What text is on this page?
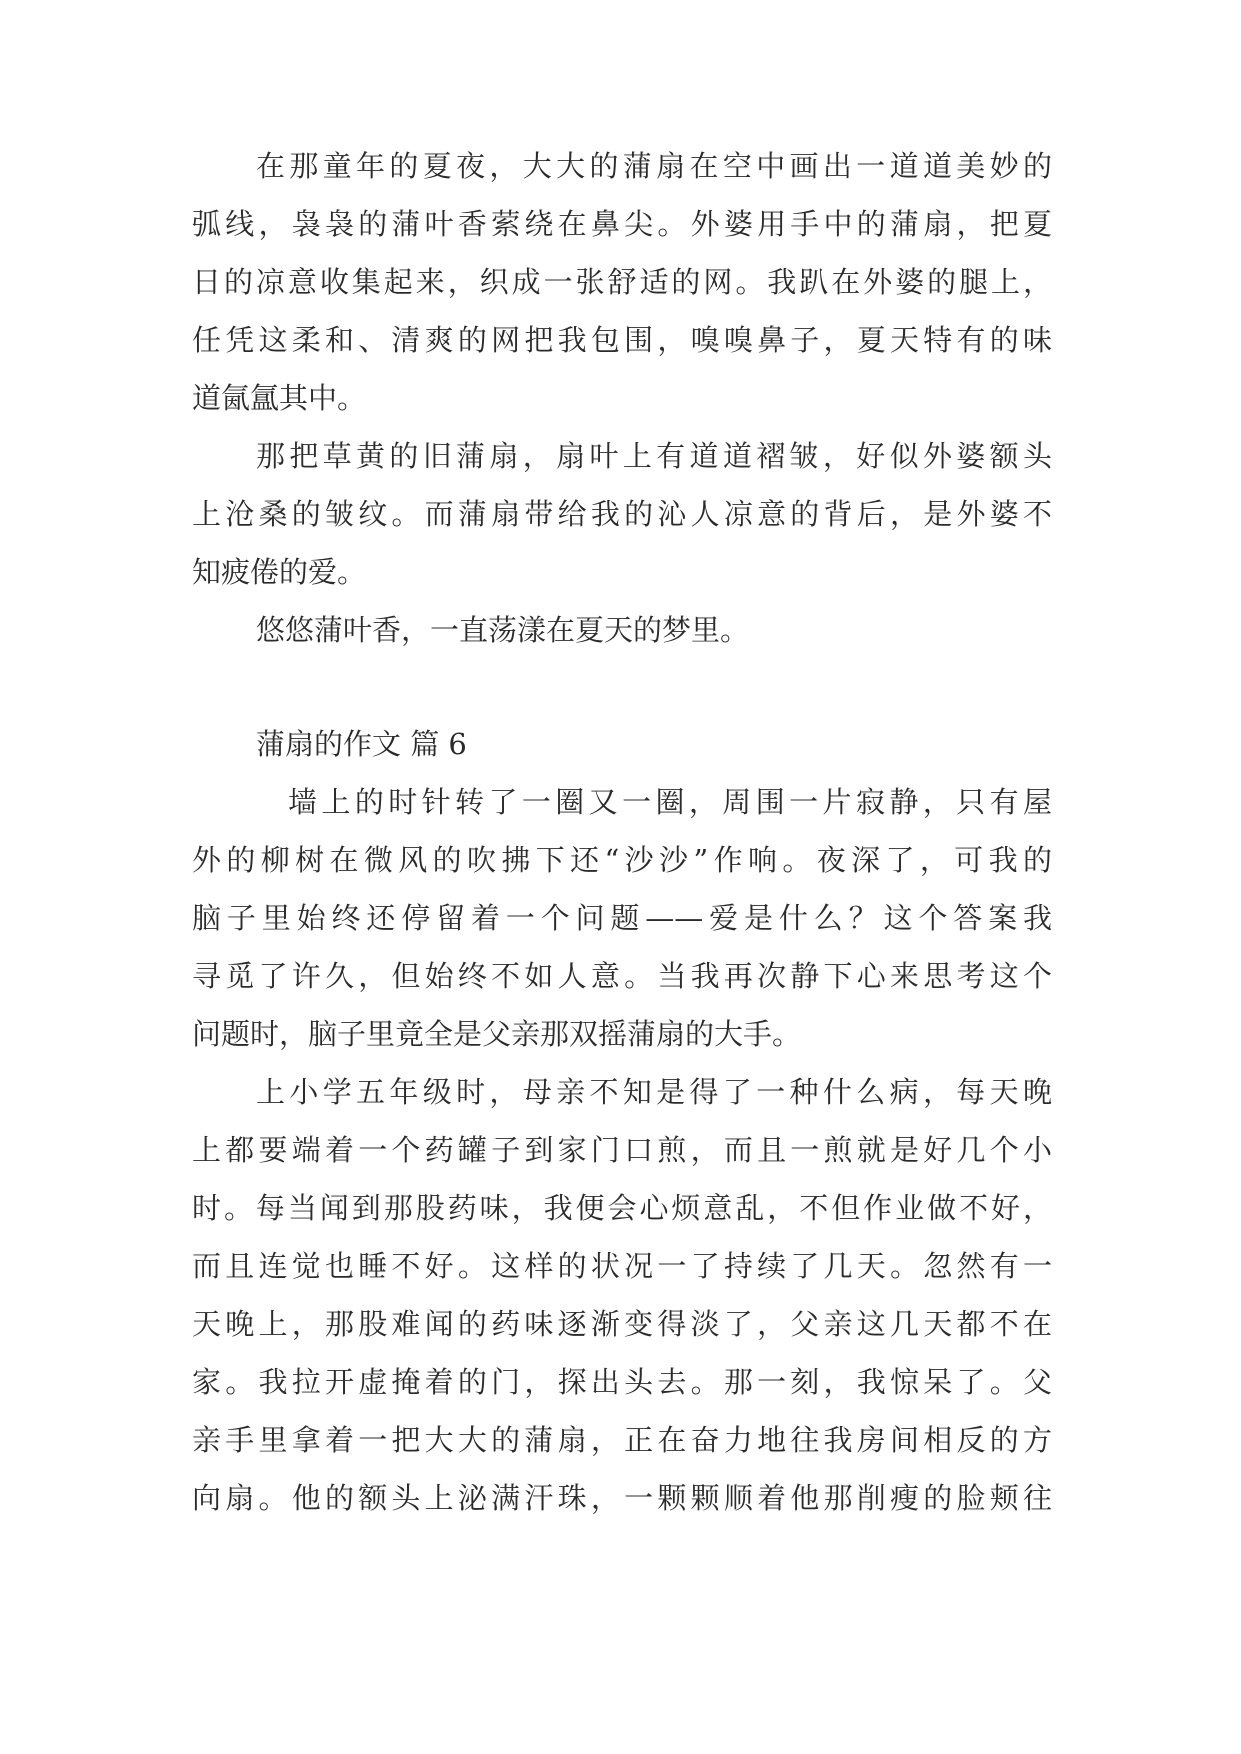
在那童年的夏夜，大大的蒲扇在空中画出一道道美妙的
弧线，袅袅的蒲叶香萦绕在鼻尖。外婆用手中的蒲扇，把夏
日的凉意收集起来，织成一张舒适的网。我趴在外婆的腿上，
任凭这柔和、清爽的网把我包围，嗅嗅鼻子，夏天特有的味
道氤氲其中。
那把草黄的旧蒲扇，扇叶上有道道褶皱，好似外婆额头
上沧桑的皱纹。而蒲扇带给我的沁人凉意的背后，是外婆不
知疲倦的爱。
悠悠蒲叶香，一直荡漾在夏天的梦里。
蒲扇的作文 篇 6
墙上的时针转了一圈又一圈，周围一片寂静，只有屋
外的柳树在微风的吹拂下还“沙沙”作响。夜深了，可我的
脑子里始终还停留着一个问题——爱是什么？这个答案我
寻觅了许久，但始终不如人意。当我再次静下心来思考这个
问题时，脑子里竟全是父亲那双摇蒲扇的大手。
上小学五年级时，母亲不知是得了一种什么病，每天晚
上都要端着一个药罐子到家门口煎，而且一煎就是好几个小
时。每当闻到那股药味，我便会心烦意乱，不但作业做不好，
而且连觉也睡不好。这样的状况一了持续了几天。忽然有一
天晚上，那股难闻的药味逐渐变得淡了，父亲这几天都不在
家。我拉开虚掩着的门，探出头去。那一刻，我惊呆了。父
亲手里拿着一把大大的蒲扇，正在奋力地往我房间相反的方
向扇。他的额头上泌满汗珠，一颗颗顺着他那削瘦的脸颊往
